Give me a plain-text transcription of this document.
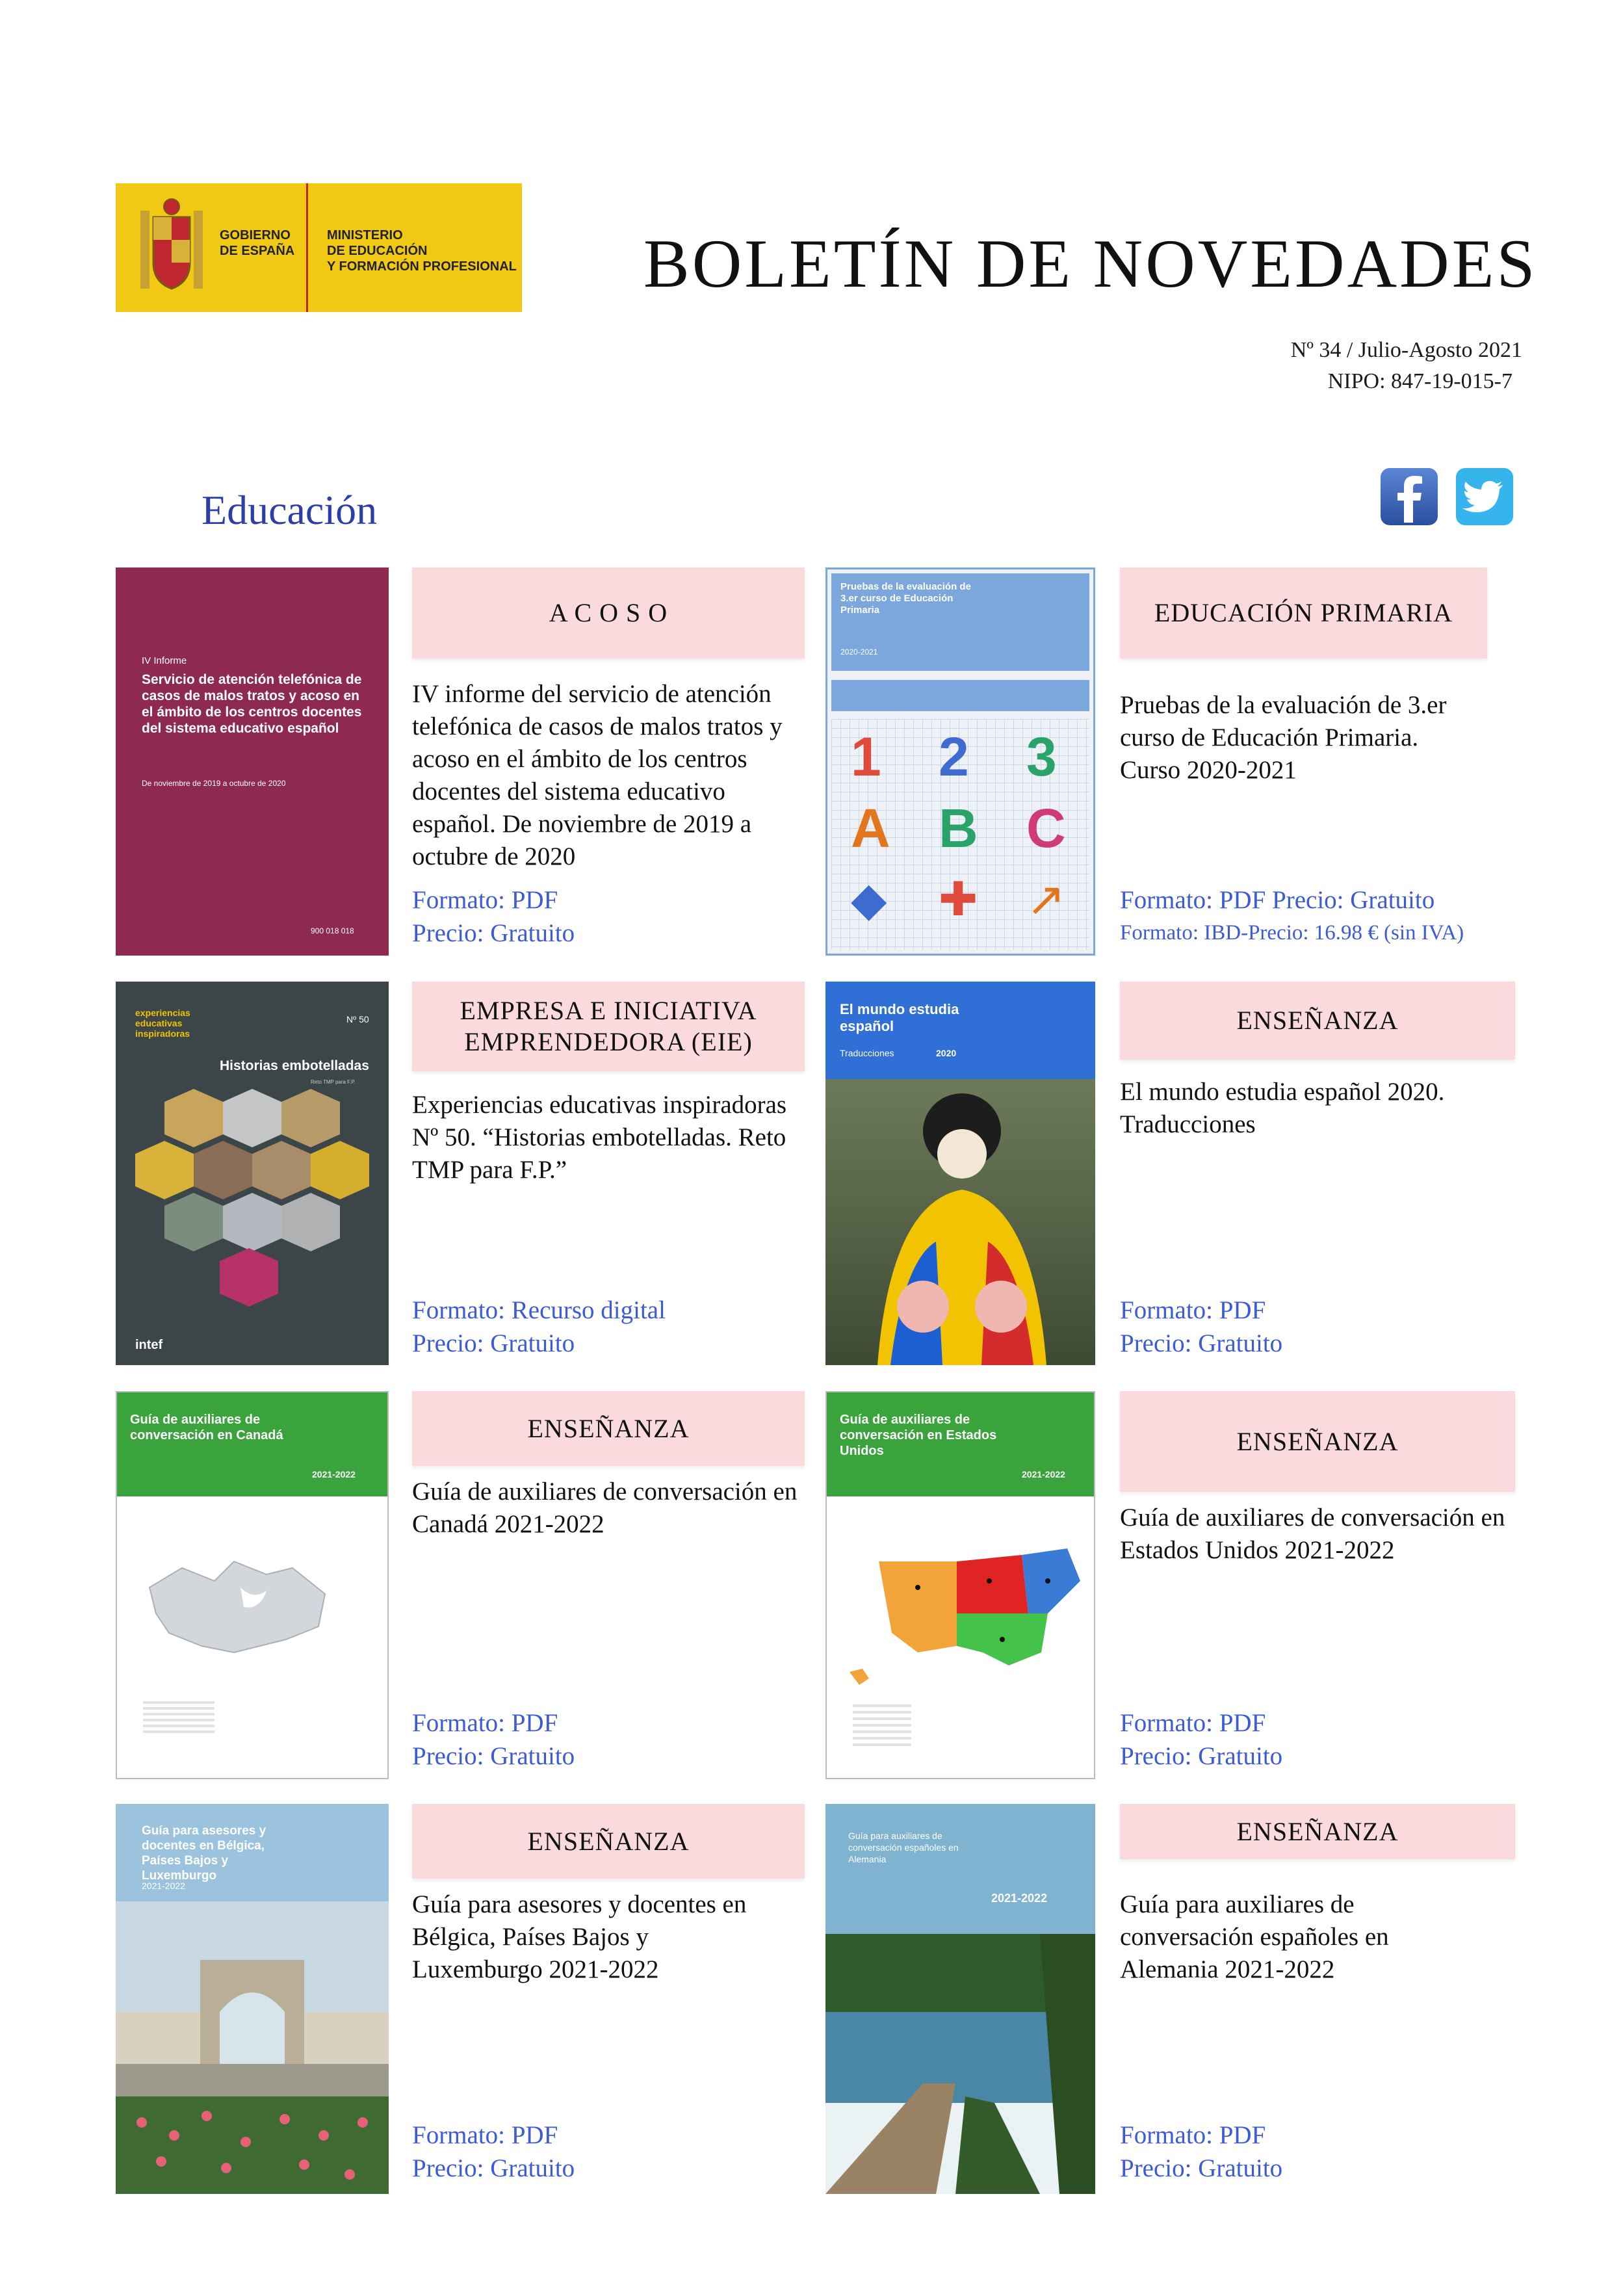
GOBIERNO
DE ESPAÑA
MINISTERIO
DE EDUCACIÓN
Y FORMACIÓN PROFESIONAL BOLETÍN DE NOVEDADES
Nº 34 / Julio-Agosto 2021
NIPO: 847-19-015-7
Educación
IV Informe
Servicio de atención telefónica de casos de malos tratos y acoso en el ámbito de los centros docentes del sistema educativo español
De noviembre de 2019 a octubre de 2020
900 018 018
A C O S O
IV informe del servicio de atención telefónica de casos de malos tratos y acoso en el ámbito de los centros docentes del sistema educativo español. De noviembre de 2019 a octubre de 2020
Formato: PDF
Precio: Gratuito
Pruebas de la evaluación de 3.er curso de Educación Primaria
2020-2021
1 2 3
A B C
◆ ✚ ↗
EDUCACIÓN PRIMARIA
Pruebas de la evaluación de 3.er curso de Educación Primaria. Curso 2020-2021
Formato: PDF Precio: Gratuito
Formato: IBD-Precio: 16.98 € (sin IVA)
experiencias educativas inspiradoras
Nº 50
Historias embotelladas
Reto TMP para F.P.
intef
EMPRESA E INICIATIVA EMPRENDEDORA (EIE)
Experiencias educativas inspiradoras Nº 50. “Historias embotelladas. Reto TMP para F.P.”
Formato: Recurso digital
Precio: Gratuito
El mundo estudia español
Traducciones	2020
ENSEÑANZA
El mundo estudia español 2020. Traducciones
Formato: PDF
Precio: Gratuito
Guía de auxiliares de conversación en Canadá
2021-2022
ENSEÑANZA
Guía de auxiliares de conversación en Canadá 2021-2022
Formato: PDF
Precio: Gratuito
Guía de auxiliares de conversación en Estados Unidos
2021-2022
ENSEÑANZA
Guía de auxiliares de conversación en Estados Unidos 2021-2022
Formato: PDF
Precio: Gratuito
Guía para asesores y docentes en Bélgica, Países Bajos y Luxemburgo
2021-2022
ENSEÑANZA
Guía para asesores y docentes en Bélgica, Países Bajos y Luxemburgo 2021-2022
Formato: PDF
Precio: Gratuito
Guía para auxiliares de conversación españoles en Alemania
2021-2022
ENSEÑANZA
Guía para auxiliares de conversación españoles en Alemania 2021-2022
Formato: PDF
Precio: Gratuito
